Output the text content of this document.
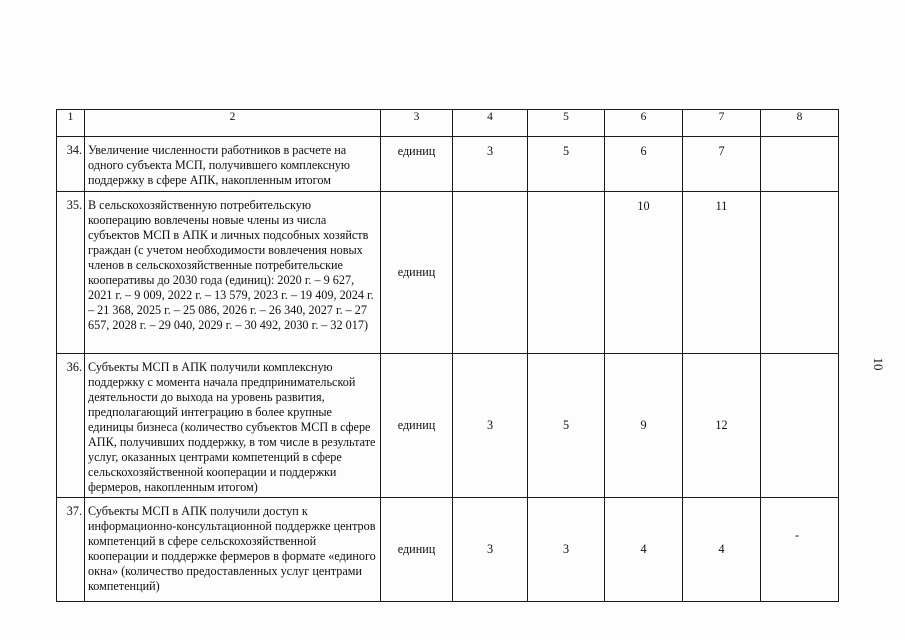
1	2	3	4	5	6	7	8
34.	Увеличение численности работников в расчете на одного субъекта МСП, получившего комплексную поддержку в сфере АПК, накопленным итогом	единиц	3	5	6	7	
35.	В сельскохозяйственную потребительскую кооперацию вовлечены новые члены из числа субъектов МСП в АПК и личных подсобных хозяйств граждан (с учетом необходимости вовлечения новых членов в сельскохозяйственные потребительские кооперативы до 2030 года (единиц): 2020 г. – 9 627, 2021 г. – 9 009, 2022 г. – 13 579, 2023 г. – 19 409, 2024 г. – 21 368, 2025 г. – 25 086, 2026 г. – 26 340, 2027 г. – 27 657, 2028 г. – 29 040, 2029 г. – 30 492, 2030 г. – 32 017)	единиц			10	11	
36.	Субъекты МСП в АПК получили комплексную поддержку с момента начала предпринимательской деятельности до выхода на уровень развития, предполагающий интеграцию в более крупные единицы бизнеса (количество субъектов МСП в сфере АПК, получивших поддержку, в том числе в результате услуг, оказанных центрами компетенций в сфере сельскохозяйственной кооперации и поддержки фермеров, накопленным итогом)	единиц	3	5	9	12	
37.	Субъекты МСП в АПК получили доступ к информационно-консультационной поддержке центров компетенций в сфере сельскохозяйственной кооперации и поддержке фермеров в формате «единого окна» (количество предоставленных услуг центрами компетенций)	единиц	3	3	4	4	-
10
